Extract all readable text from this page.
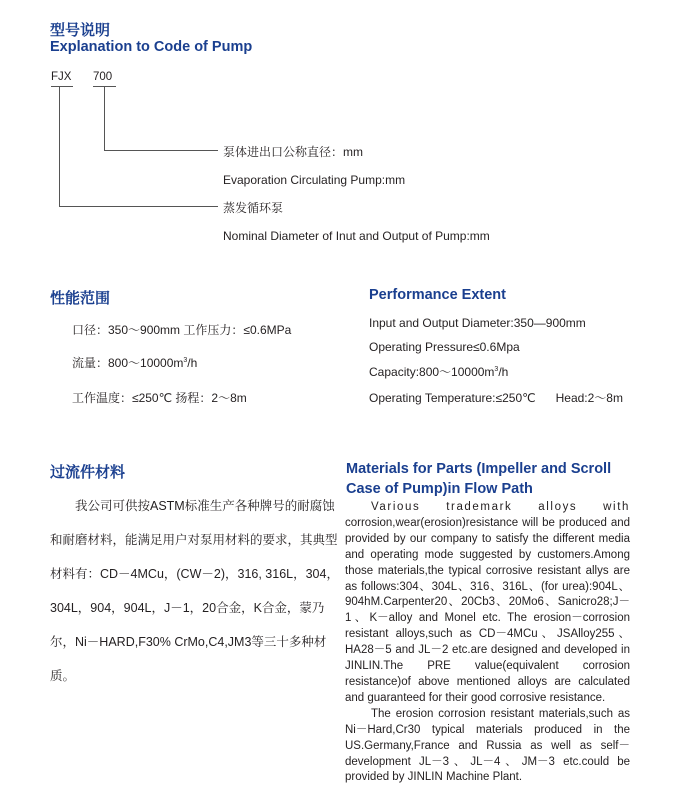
型号说明
Explanation to Code of Pump
FJX 700
泵体进出口公称直径：mm
Evaporation Circulating Pump:mm
蒸发循环泵
Nominal Diameter of Inut and Output of Pump:mm
性能范围
口径：350～900mm 工作压力：≤0.6MPa
流量：$800\sim 10000m^3/h$
工作温度：≤250℃ 扬程：2～8m
Performance Extent
Input and Output Diameter:350—900mm
Operating Pressure≤0.6Mpa
$Capacity:800\sim 10000m^3/h$
Operating Temperature:≤250℃      Head:2～8m
过流件材料
我公司可供按ASTM标准生产各种牌号的耐腐蚀
和耐磨材料，能满足用户对泵用材料的要求，其典型
材料有：CD－4MCu，(CW－2)，316, 316L，304，
304L，904，904L，J－1，20合金，K合金，蒙乃
尔，Ni－HARD,F30% CrMo,C4,JM3等三十多种材
质。
Materials for Parts (Impeller and Scroll
Case of Pump)in Flow Path
Various trademark alloys with
corrosion,wear(erosion)resistance will be produced and
provided by our company to satisfy the different media
and operating mode suggested by customers.Among
those materials,the typical corrosive resistant allys are
as follows:304、304L、316、316L、(for urea):904L、
904hM.Carpenter20、20Cb3、20Mo6、Sanicro28;J－
1、K－alloy and Monel etc. The erosion－corrosion
resistant alloys,such as CD－4MCu、JSAlloy255、
HA28－5 and JL－2 etc.are designed and developed in
JINLIN.The PRE value(equivalent corrosion
resistance)of above mentioned alloys are calculated
and guaranteed for their good corrosive resistance.
The erosion corrosion resistant materials,such as
Ni－Hard,Cr30 typical materials produced in the
US.Germany,France and Russia as well as self－
development JL－3、JL－4、JM－3 etc.could be
provided by JINLIN Machine Plant.
